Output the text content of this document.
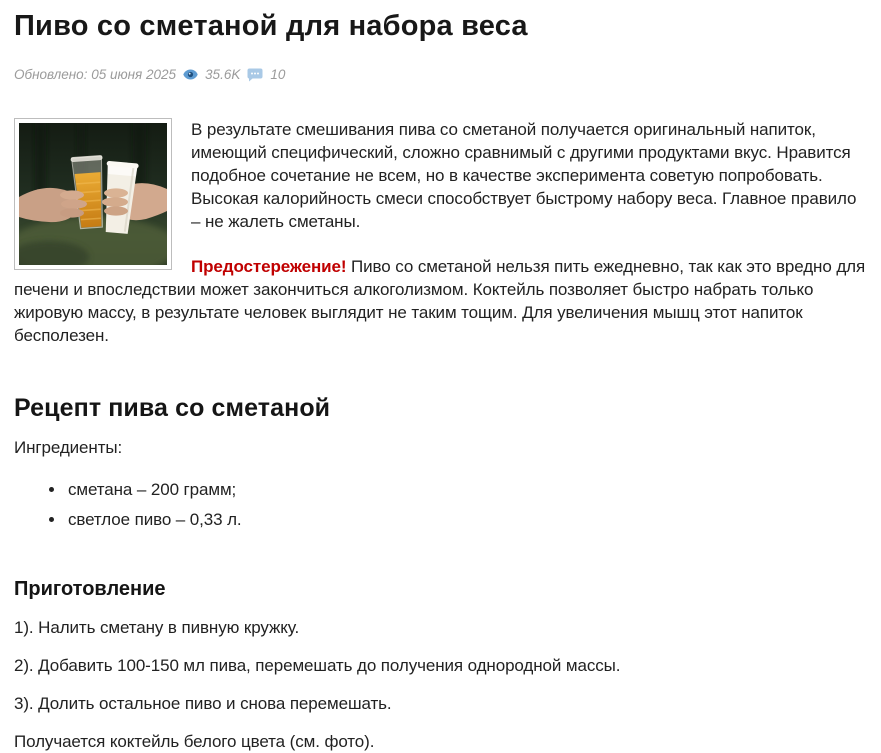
Пиво со сметаной для набора веса
Обновлено: 05 июня 2025 35.6K 10

В результате смешивания пива со сметаной получается оригинальный напиток, имеющий специфический, сложно сравнимый с другими продуктами вкус. Нравится подобное сочетание не всем, но в качестве эксперимента советую попробовать. Высокая калорийность смеси способствует быстрому набору веса. Главное правило – не жалеть сметаны.

Предостережение! Пиво со сметаной нельзя пить ежедневно, так как это вредно для печени и впоследствии может закончиться алкоголизмом. Коктейль позволяет быстро набрать только жировую массу, в результате человек выглядит не таким тощим. Для увеличения мышц этот напиток бесполезен.

Рецепт пива со сметаной

Ингредиенты:

• сметана – 200 грамм;
• светлое пиво – 0,33 л.
Приготовление

1). Налить сметану в пивную кружку.

2). Добавить 100-150 мл пива, перемешать до получения однородной массы.

3). Долить остальное пиво и снова перемешать.

Получается коктейль белого цвета (см. фото).
